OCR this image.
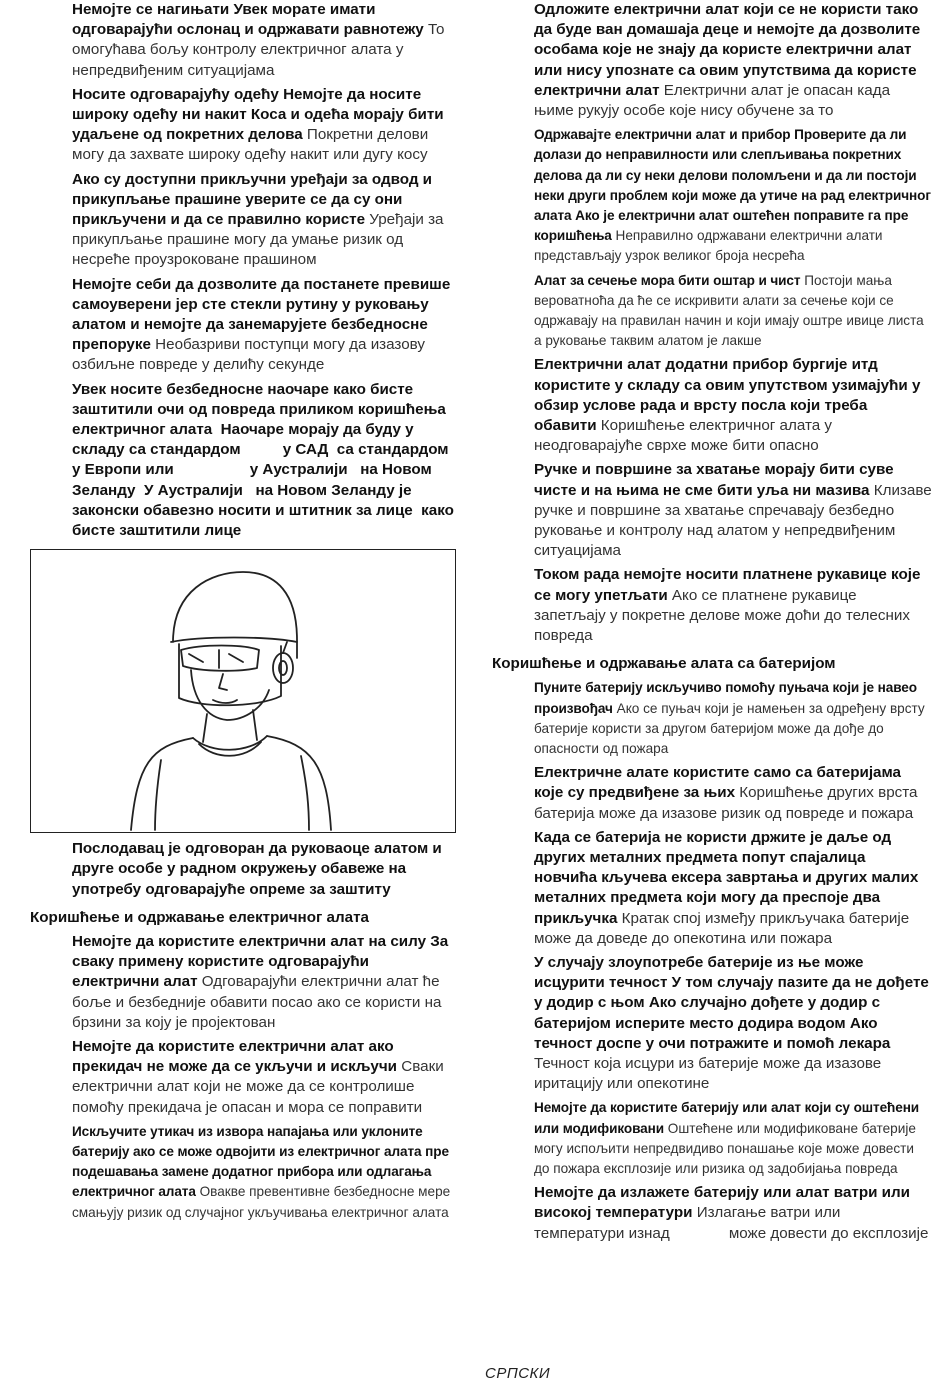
Немојте се нагињати Увек морате имати одговарајући ослонац и одржавати равнотежу То омогућава бољу контролу електричног алата у непредвиђеним ситуацијама
Носите одговарајућу одећу Немојте да носите широку одећу ни накит Коса и одећа морају бити удаљене од покретних делова Покретни делови могу да захвате широку одећу накит или дугу косу
Ако су доступни прикључни уређаји за одвод и прикупљање прашине уверите се да су они прикључени и да се правилно користе Уређаји за прикупљање прашине могу да умање ризик од несреће проузроковане прашином
Немојте себи да дозволите да постанете превише самоуверени јер сте стекли рутину у руковању алатом и немојте да занемарујете безбедносне препоруке Необазриви поступци могу да изазову озбиљне повреде у делићу секунде
Увек носите безбедносне наочаре како бисте заштитили очи од повреда приликом коришћења електричног алата  Наочаре морају да буду у складу са стандардом          у САД  са стандардом               у Европи или                  у Аустралији   на Новом Зеланду  У Аустралији   на Новом Зеланду је законски обавезно носити и штитник за лице  како бисте заштитили лице
Послодавац је одговоран да руковаоце алатом и друге особе у радном окружењу обавеже на употребу одговарајуће опреме за заштиту
Коришћење и одржавање електричног алата
Немојте да користите електрични алат на силу За сваку примену користите одговарајући електрични алат Одговарајући електрични алат ће боље и безбедније обавити посао ако се користи на брзини за коју је пројектован
Немојте да користите електрични алат ако прекидач не може да се укључи и искључи Сваки електрични алат који не може да се контролише помоћу прекидача је опасан и мора се поправити
Искључите утикач из извора напајања или уклоните батерију ако се може одвојити из електричног алата пре подешавања замене додатног прибора или одлагања електричног алата Овакве превентивне безбедносне мере смањују ризик од случајног укључивања електричног алата
Одложите електрични алат који се не користи тако да буде ван домашаја деце и немојте да дозволите особама које не знају да користе електрични алат или нису упознате са овим упутствима да користе електрични алат Електрични алат је опасан када њиме рукују особе које нису обучене за то
Одржавајте електрични алат и прибор Проверите да ли долази до неправилности или слепљивања покретних делова да ли су неки делови поломљени и да ли постоји неки други проблем који може да утиче на рад електричног алата Ако је електрични алат оштећен поправите га пре коришћења Неправилно одржавани електрични алати представљају узрок великог броја несрећа
Алат за сечење мора бити оштар и чист Постоји мања вероватноћа да ће се искривити алати за сечење који се одржавају на правилан начин и који имају оштре ивице листа а руковање таквим алатом је лакше
Електрични алат додатни прибор бургије итд користите у складу са овим упутством узимајући у обзир услове рада и врсту посла који треба обавити Коришћење електричног алата у неодговарајуће сврхе може бити опасно
Ручке и површине за хватање морају бити суве чисте и на њима не сме бити уља ни мазива Клизаве ручке и површине за хватање спречавају безбедно руковање и контролу над алатом у непредвиђеним ситуацијама
Током рада немојте носити платнене рукавице које се могу упетљати Ако се платнене рукавице запетљају у покретне делове може доћи до телесних повреда
Коришћење и одржавање алата са батеријом
Пуните батерију искључиво помоћу пуњача који је навео произвођач Ако се пуњач који је намењен за одређену врсту батерије користи за другом батеријом може да дође до опасности од пожара
Електричне алате користите само са батеријама које су предвиђене за њих Коришћење других врста батерија може да изазове ризик од повреде и пожара
Када се батерија не користи држите је даље од других металних предмета попут спајалица новчића кључева ексера завртања и других малих металних предмета који могу да преспоје два прикључка Кратак спој између прикључака батерије може да доведе до опекотина или пожара
У случају злоупотребе батерије из ње може исцурити течност У том случају пазите да не дођете у додир с њом Ако случајно дођете у додир с батеријом исперите место додира водом Ако течност доспе у очи потражите и помоћ лекара Течност која исцури из батерије може да изазове иритацију или опекотине
Немојте да користите батерију или алат који су оштећени или модификовани Оштећене или модификоване батерије могу испољити непредвидиво понашање које може довести до пожара експлозије или ризика од задобијања повреда
Немојте да излажете батерију или алат ватри или високој температури Излагање ватри или температури изнад              може довести до експлозије
СРПСКИ
